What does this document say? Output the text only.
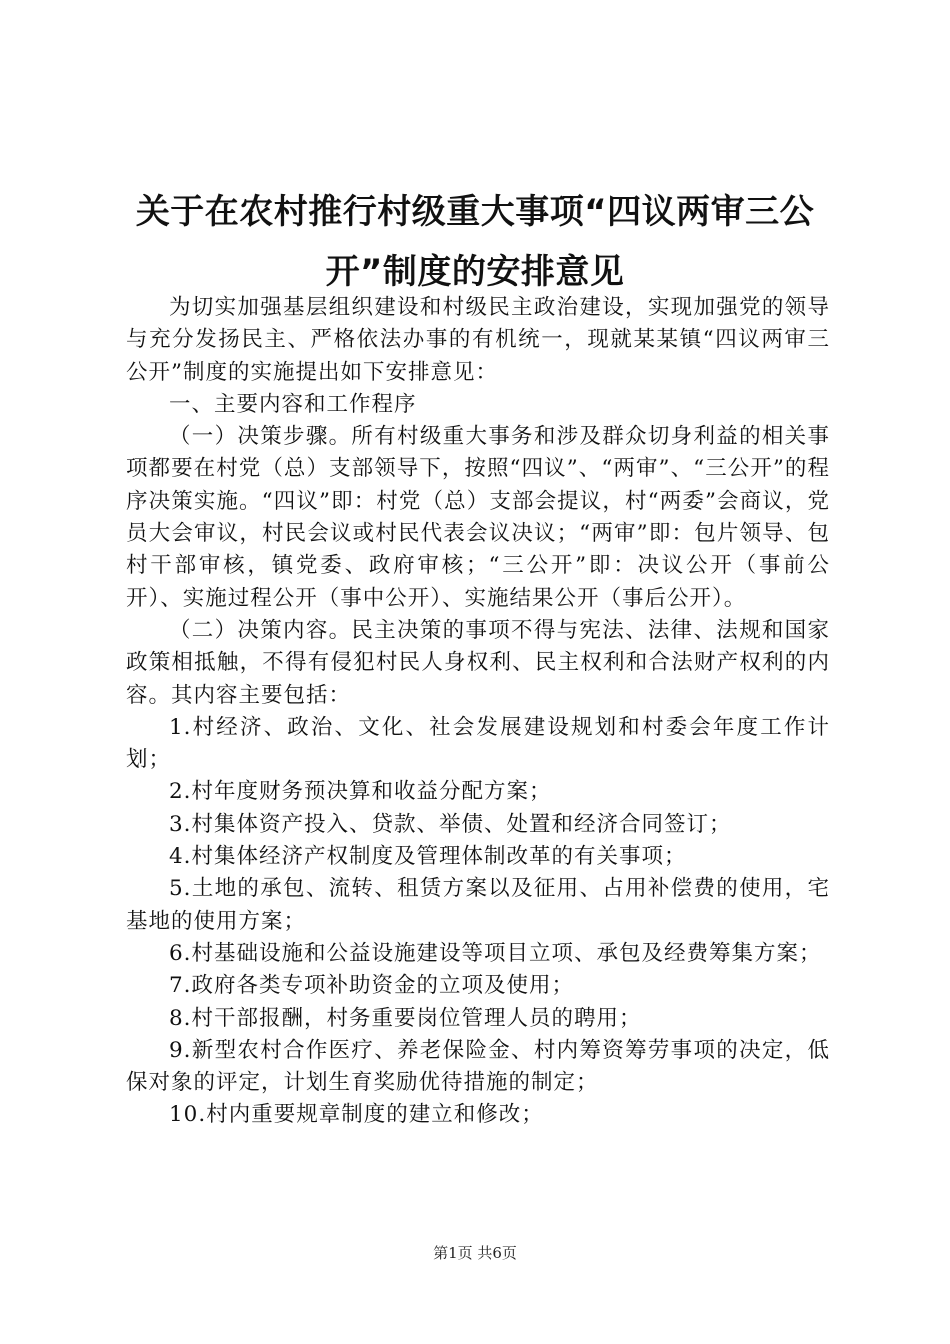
关于在农村推行村级重大事项“四议两审三公开”制度的安排意见

为切实加强基层组织建设和村级民主政治建设，实现加强党的领导与充分发扬民主、严格依法办事的有机统一，现就某某镇“四议两审三公开”制度的实施提出如下安排意见：

一、主要内容和工作程序

（一）决策步骤。所有村级重大事务和涉及群众切身利益的相关事项都要在村党（总）支部领导下，按照“四议”、“两审”、“三公开”的程序决策实施。“四议”即：村党（总）支部会提议，村“两委”会商议，党员大会审议，村民会议或村民代表会议决议；“两审”即：包片领导、包村干部审核，镇党委、政府审核；“三公开”即：决议公开（事前公开）、实施过程公开（事中公开）、实施结果公开（事后公开）。

（二）决策内容。民主决策的事项不得与宪法、法律、法规和国家政策相抵触，不得有侵犯村民人身权利、民主权利和合法财产权利的内容。其内容主要包括：

1.村经济、政治、文化、社会发展建设规划和村委会年度工作计划；

2.村年度财务预决算和收益分配方案；

3.村集体资产投入、贷款、举债、处置和经济合同签订；

4.村集体经济产权制度及管理体制改革的有关事项；

5.土地的承包、流转、租赁方案以及征用、占用补偿费的使用，宅基地的使用方案；

6.村基础设施和公益设施建设等项目立项、承包及经费筹集方案；

7.政府各类专项补助资金的立项及使用；

8.村干部报酬，村务重要岗位管理人员的聘用；

9.新型农村合作医疗、养老保险金、村内筹资筹劳事项的决定，低保对象的评定，计划生育奖励优待措施的制定；

10.村内重要规章制度的建立和修改；

第1页 共6页
